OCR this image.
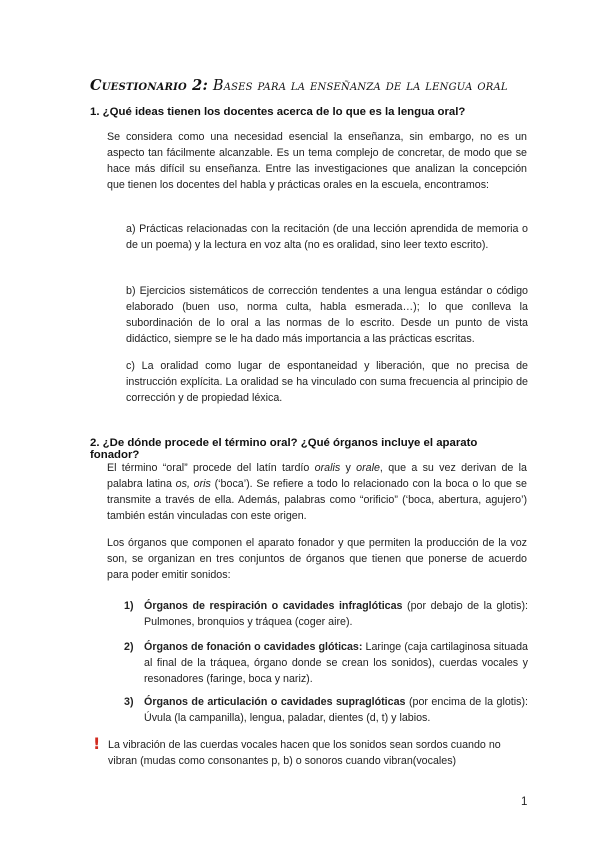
Cuestionario 2: Bases para la enseñanza de la lengua oral
1. ¿Qué ideas tienen los docentes acerca de lo que es la lengua oral?
Se considera como una necesidad esencial la enseñanza, sin embargo, no es un aspecto tan fácilmente alcanzable. Es un tema complejo de concretar, de modo que se hace más difícil su enseñanza. Entre las investigaciones que analizan la concepción que tienen los docentes del habla y prácticas orales en la escuela, encontramos:
a) Prácticas relacionadas con la recitación (de una lección aprendida de memoria o de un poema) y la lectura en voz alta (no es oralidad, sino leer texto escrito).
b) Ejercicios sistemáticos de corrección tendentes a una lengua estándar o código elaborado (buen uso, norma culta, habla esmerada…); lo que conlleva la subordinación de lo oral a las normas de lo escrito. Desde un punto de vista didáctico, siempre se le ha dado más importancia a las prácticas escritas.
c) La oralidad como lugar de espontaneidad y liberación, que no precisa de instrucción explícita. La oralidad se ha vinculado con suma frecuencia al principio de corrección y de propiedad léxica.
2. ¿De dónde procede el término oral? ¿Qué órganos incluye el aparato fonador?
El término “oral” procede del latín tardío oralis y orale, que a su vez derivan de la palabra latina os, oris (‘boca’). Se refiere a todo lo relacionado con la boca o lo que se transmite a través de ella. Además, palabras como “orificio” (‘boca, abertura, agujero’) también están vinculadas con este origen.
Los órganos que componen el aparato fonador y que permiten la producción de la voz son, se organizan en tres conjuntos de órganos que tienen que ponerse de acuerdo para poder emitir sonidos:
1) Órganos de respiración o cavidades infraglóticas (por debajo de la glotis): Pulmones, bronquios y tráquea (coger aire).
2) Órganos de fonación o cavidades glóticas: Laringe (caja cartilaginosa situada al final de la tráquea, órgano donde se crean los sonidos), cuerdas vocales y resonadores (faringe, boca y nariz).
3) Órganos de articulación o cavidades supraglóticas (por encima de la glotis): Úvula (la campanilla), lengua, paladar, dientes (d, t) y labios.
! La vibración de las cuerdas vocales hacen que los sonidos sean sordos cuando no vibran (mudas como consonantes p, b) o sonoros cuando vibran(vocales)
1
